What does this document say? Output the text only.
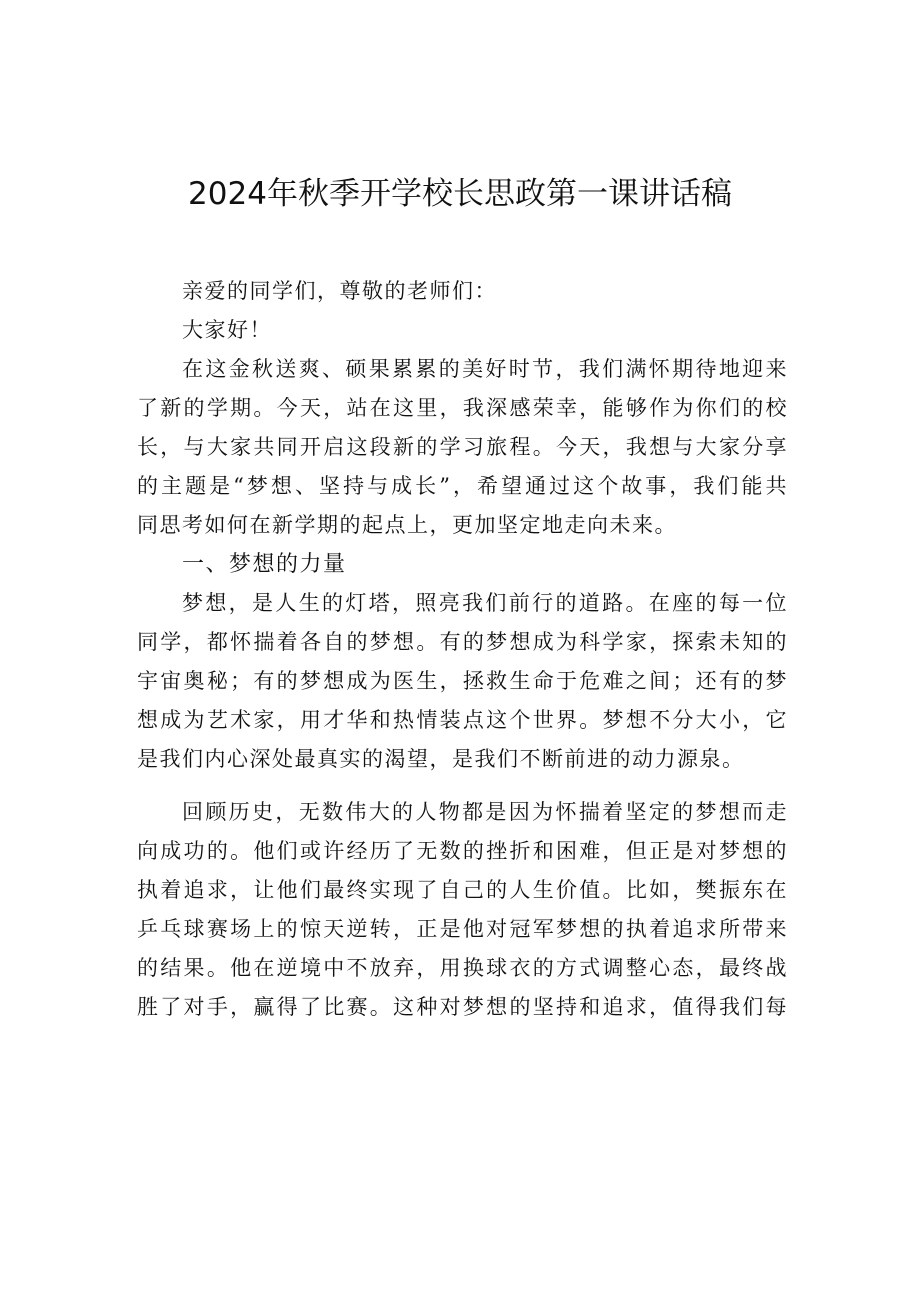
2024年秋季开学校长思政第一课讲话稿
亲爱的同学们，尊敬的老师们：
大家好！
在这金秋送爽、硕果累累的美好时节，我们满怀期待地迎来
了新的学期。今天，站在这里，我深感荣幸，能够作为你们的校
长，与大家共同开启这段新的学习旅程。今天，我想与大家分享
的主题是“梦想、坚持与成长”，希望通过这个故事，我们能共
同思考如何在新学期的起点上，更加坚定地走向未来。
一、梦想的力量
梦想，是人生的灯塔，照亮我们前行的道路。在座的每一位
同学，都怀揣着各自的梦想。有的梦想成为科学家，探索未知的
宇宙奥秘；有的梦想成为医生，拯救生命于危难之间；还有的梦
想成为艺术家，用才华和热情装点这个世界。梦想不分大小，它
是我们内心深处最真实的渴望，是我们不断前进的动力源泉。
回顾历史，无数伟大的人物都是因为怀揣着坚定的梦想而走
向成功的。他们或许经历了无数的挫折和困难，但正是对梦想的
执着追求，让他们最终实现了自己的人生价值。比如，樊振东在
乒乓球赛场上的惊天逆转，正是他对冠军梦想的执着追求所带来
的结果。他在逆境中不放弃，用换球衣的方式调整心态，最终战
胜了对手，赢得了比赛。这种对梦想的坚持和追求，值得我们每
